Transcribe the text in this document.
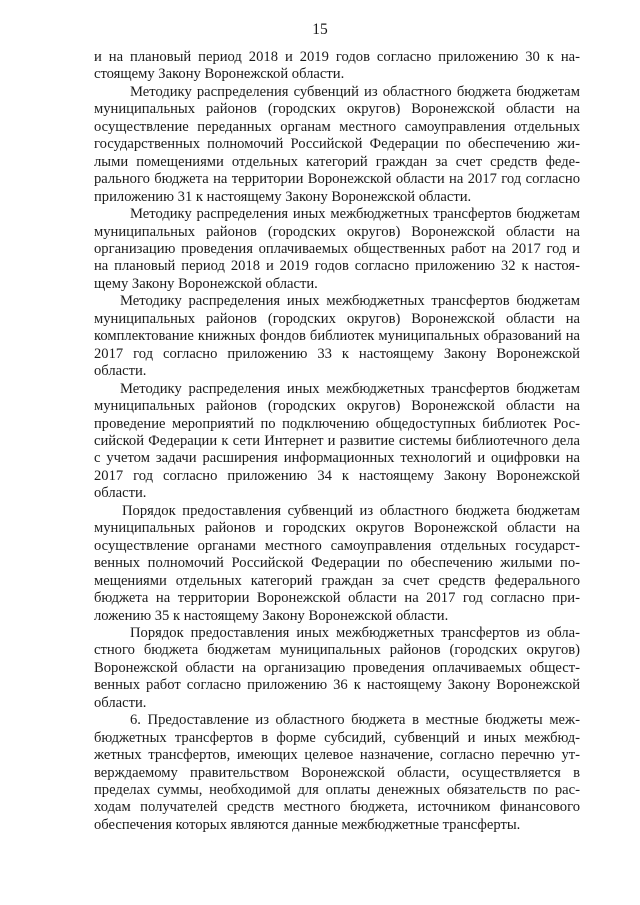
15

и на плановый период 2018 и 2019 годов согласно приложению 30 к настоящему Закону Воронежской области.

Методику распределения субвенций из областного бюджета бюджетам муниципальных районов (городских округов) Воронежской области на осуществление переданных органам местного самоуправления отдельных государственных полномочий Российской Федерации по обеспечению жилыми помещениями отдельных категорий граждан за счет средств федерального бюджета на территории Воронежской области на 2017 год согласно приложению 31 к настоящему Закону Воронежской области.

Методику распределения иных межбюджетных трансфертов бюджетам муниципальных районов (городских округов) Воронежской области на организацию проведения оплачиваемых общественных работ на 2017 год и на плановый период 2018 и 2019 годов согласно приложению 32 к настоящему Закону Воронежской области.

Методику распределения иных межбюджетных трансфертов бюджетам муниципальных районов (городских округов) Воронежской области на комплектование книжных фондов библиотек муниципальных образований на 2017 год согласно приложению 33 к настоящему Закону Воронежской области.

Методику распределения иных межбюджетных трансфертов бюджетам муниципальных районов (городских округов) Воронежской области на проведение мероприятий по подключению общедоступных библиотек Российской Федерации к сети Интернет и развитие системы библиотечного дела с учетом задачи расширения информационных технологий и оцифровки на 2017 год согласно приложению 34 к настоящему Закону Воронежской области.

Порядок предоставления субвенций из областного бюджета бюджетам муниципальных районов и городских округов Воронежской области на осуществление органами местного самоуправления отдельных государственных полномочий Российской Федерации по обеспечению жилыми помещениями отдельных категорий граждан за счет средств федерального бюджета на территории Воронежской области на 2017 год согласно приложению 35 к настоящему Закону Воронежской области.

Порядок предоставления иных межбюджетных трансфертов из областного бюджета бюджетам муниципальных районов (городских округов) Воронежской области на организацию проведения оплачиваемых общественных работ согласно приложению 36 к настоящему Закону Воронежской области.

6. Предоставление из областного бюджета в местные бюджеты межбюджетных трансфертов в форме субсидий, субвенций и иных межбюджетных трансфертов, имеющих целевое назначение, согласно перечню утверждаемому правительством Воронежской области, осуществляется в пределах суммы, необходимой для оплаты денежных обязательств по расходам получателей средств местного бюджета, источником финансового обеспечения которых являются данные межбюджетные трансферты.
